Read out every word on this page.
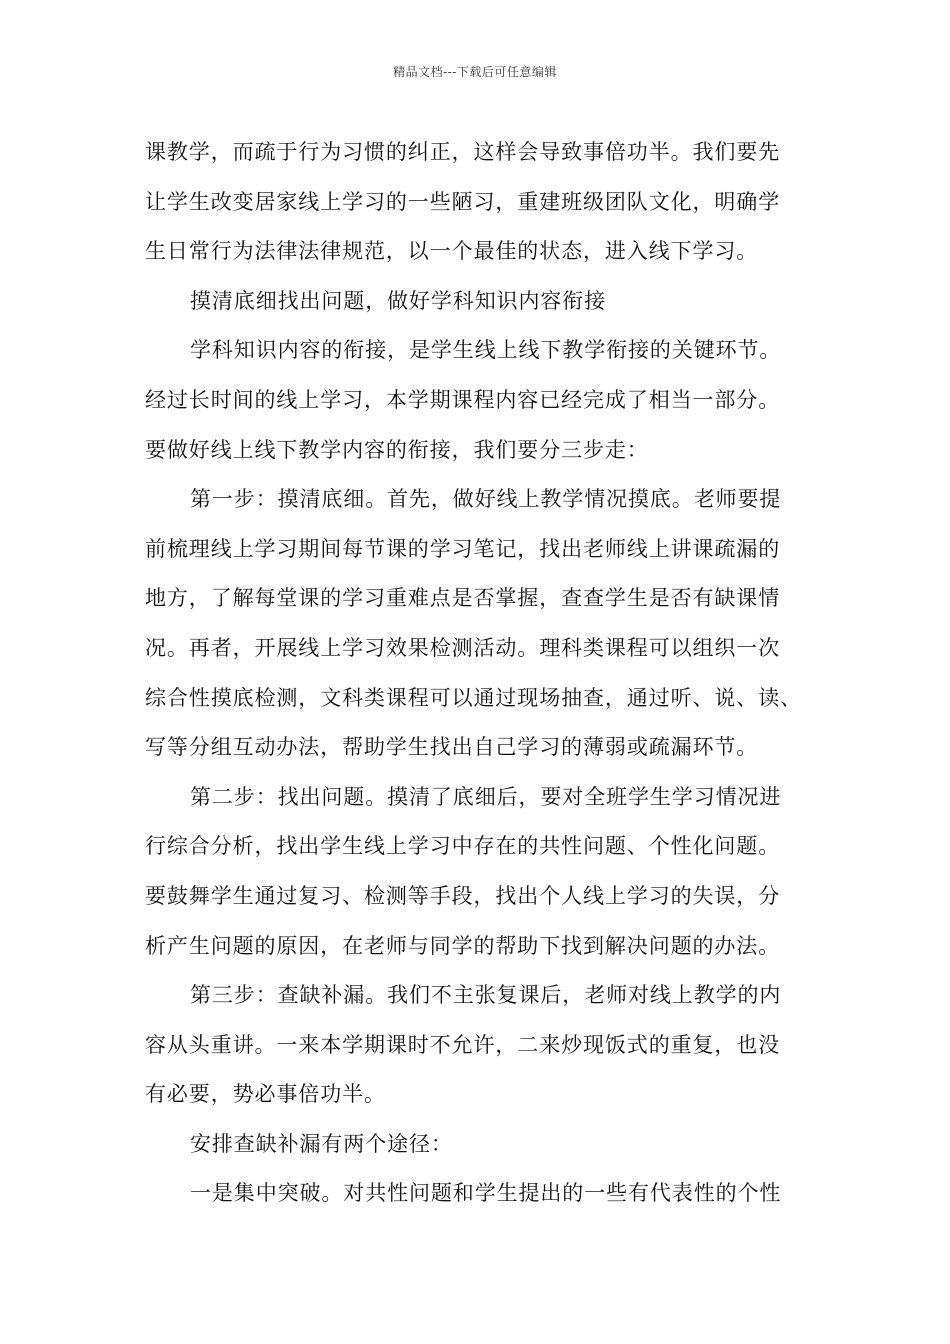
精品文档---下载后可任意编辑
课教学，而疏于行为习惯的纠正，这样会导致事倍功半。我们要先
让学生改变居家线上学习的一些陋习，重建班级团队文化，明确学
生日常行为法律法律规范，以一个最佳的状态，进入线下学习。
摸清底细找出问题，做好学科知识内容衔接
学科知识内容的衔接，是学生线上线下教学衔接的关键环节。
经过长时间的线上学习，本学期课程内容已经完成了相当一部分。
要做好线上线下教学内容的衔接，我们要分三步走：
第一步：摸清底细。首先，做好线上教学情况摸底。老师要提
前梳理线上学习期间每节课的学习笔记，找出老师线上讲课疏漏的
地方，了解每堂课的学习重难点是否掌握，查查学生是否有缺课情
况。再者，开展线上学习效果检测活动。理科类课程可以组织一次
综合性摸底检测，文科类课程可以通过现场抽查，通过听、说、读、
写等分组互动办法，帮助学生找出自己学习的薄弱或疏漏环节。
第二步：找出问题。摸清了底细后，要对全班学生学习情况进
行综合分析，找出学生线上学习中存在的共性问题、个性化问题。
要鼓舞学生通过复习、检测等手段，找出个人线上学习的失误，分
析产生问题的原因，在老师与同学的帮助下找到解决问题的办法。
第三步：查缺补漏。我们不主张复课后，老师对线上教学的内
容从头重讲。一来本学期课时不允许，二来炒现饭式的重复，也没
有必要，势必事倍功半。
安排查缺补漏有两个途径：
一是集中突破。对共性问题和学生提出的一些有代表性的个性
